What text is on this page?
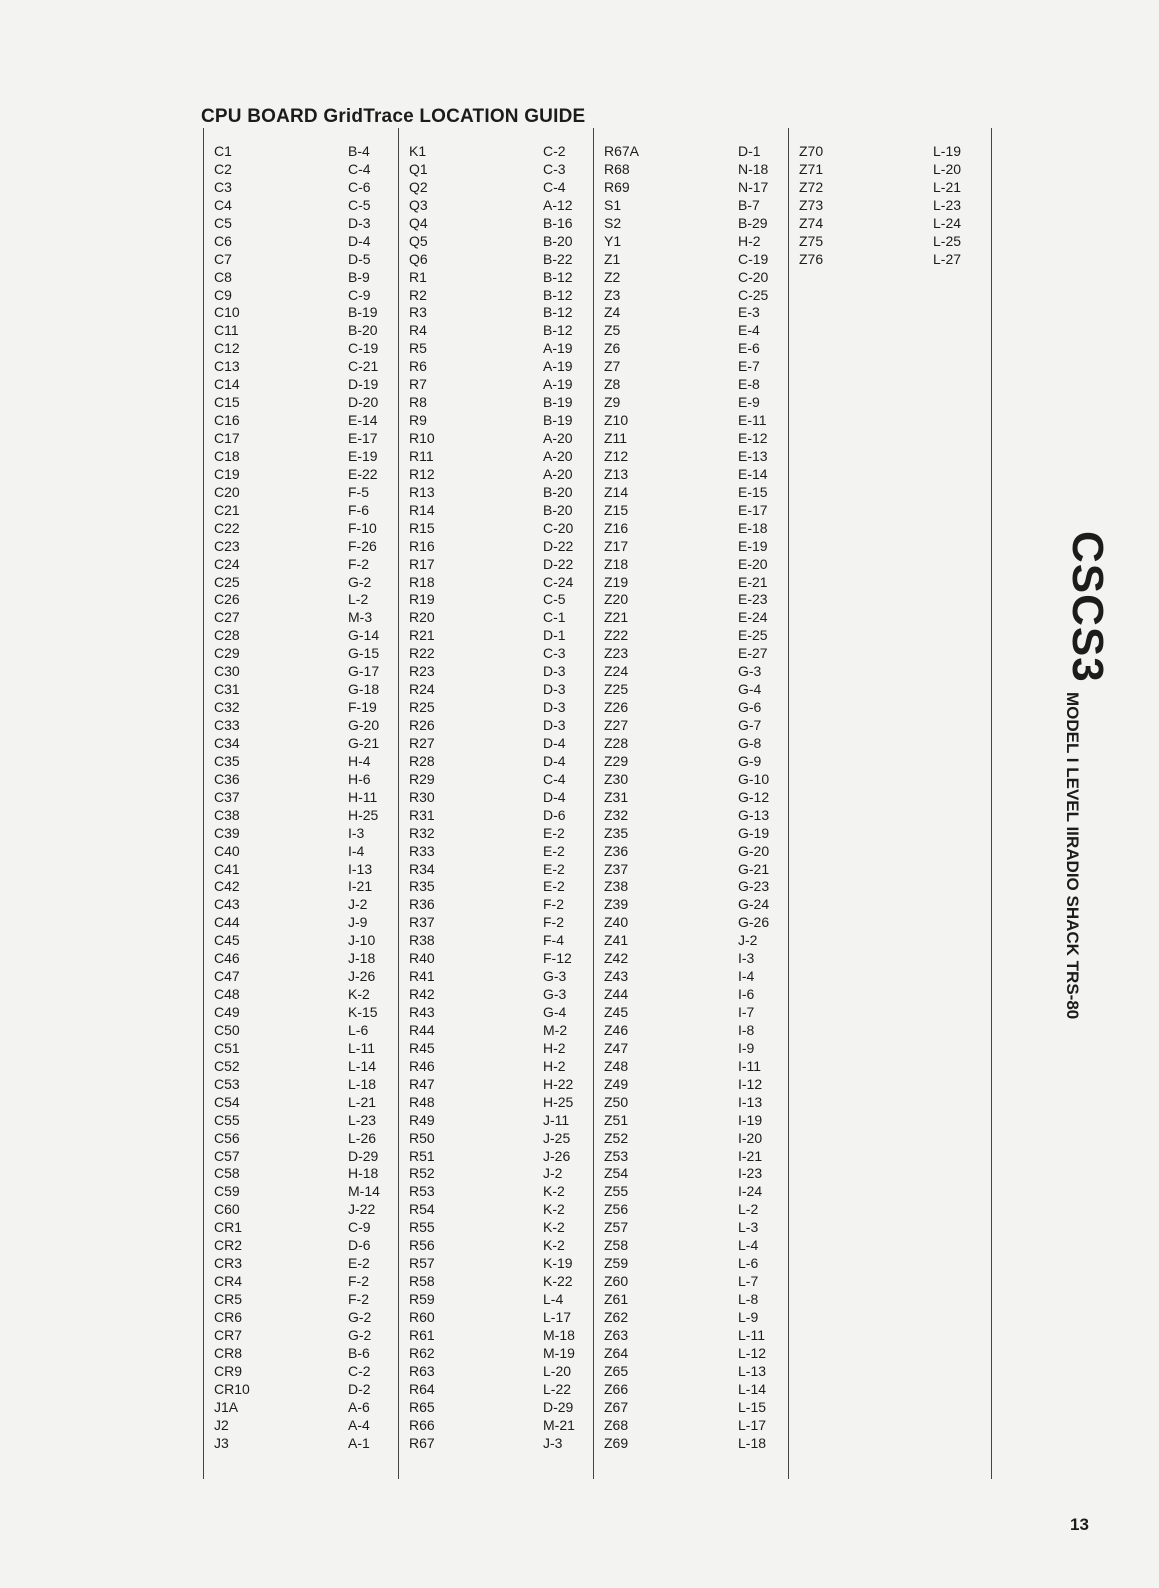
CPU BOARD GridTrace LOCATION GUIDE
C1	B-4
C2	C-4
C3	C-6
C4	C-5
C5	D-3
C6	D-4
C7	D-5
C8	B-9
C9	C-9
C10	B-19
C11	B-20
C12	C-19
C13	C-21
C14	D-19
C15	D-20
C16	E-14
C17	E-17
C18	E-19
C19	E-22
C20	F-5
C21	F-6
C22	F-10
C23	F-26
C24	F-2
C25	G-2
C26	L-2
C27	M-3
C28	G-14
C29	G-15
C30	G-17
C31	G-18
C32	F-19
C33	G-20
C34	G-21
C35	H-4
C36	H-6
C37	H-11
C38	H-25
C39	I-3
C40	I-4
C41	I-13
C42	I-21
C43	J-2
C44	J-9
C45	J-10
C46	J-18
C47	J-26
C48	K-2
C49	K-15
C50	L-6
C51	L-11
C52	L-14
C53	L-18
C54	L-21
C55	L-23
C56	L-26
C57	D-29
C58	H-18
C59	M-14
C60	J-22
CR1	C-9
CR2	D-6
CR3	E-2
CR4	F-2
CR5	F-2
CR6	G-2
CR7	G-2
CR8	B-6
CR9	C-2
CR10	D-2
J1A	A-6
J2	A-4
J3	A-1
K1	C-2
Q1	C-3
Q2	C-4
Q3	A-12
Q4	B-16
Q5	B-20
Q6	B-22
R1	B-12
R2	B-12
R3	B-12
R4	B-12
R5	A-19
R6	A-19
R7	A-19
R8	B-19
R9	B-19
R10	A-20
R11	A-20
R12	A-20
R13	B-20
R14	B-20
R15	C-20
R16	D-22
R17	D-22
R18	C-24
R19	C-5
R20	C-1
R21	D-1
R22	C-3
R23	D-3
R24	D-3
R25	D-3
R26	D-3
R27	D-4
R28	D-4
R29	C-4
R30	D-4
R31	D-6
R32	E-2
R33	E-2
R34	E-2
R35	E-2
R36	F-2
R37	F-2
R38	F-4
R40	F-12
R41	G-3
R42	G-3
R43	G-4
R44	M-2
R45	H-2
R46	H-2
R47	H-22
R48	H-25
R49	J-11
R50	J-25
R51	J-26
R52	J-2
R53	K-2
R54	K-2
R55	K-2
R56	K-2
R57	K-19
R58	K-22
R59	L-4
R60	L-17
R61	M-18
R62	M-19
R63	L-20
R64	L-22
R65	D-29
R66	M-21
R67	J-3
R67A	D-1
R68	N-18
R69	N-17
S1	B-7
S2	B-29
Y1	H-2
Z1	C-19
Z2	C-20
Z3	C-25
Z4	E-3
Z5	E-4
Z6	E-6
Z7	E-7
Z8	E-8
Z9	E-9
Z10	E-11
Z11	E-12
Z12	E-13
Z13	E-14
Z14	E-15
Z15	E-17
Z16	E-18
Z17	E-19
Z18	E-20
Z19	E-21
Z20	E-23
Z21	E-24
Z22	E-25
Z23	E-27
Z24	G-3
Z25	G-4
Z26	G-6
Z27	G-7
Z28	G-8
Z29	G-9
Z30	G-10
Z31	G-12
Z32	G-13
Z35	G-19
Z36	G-20
Z37	G-21
Z38	G-23
Z39	G-24
Z40	G-26
Z41	J-2
Z42	I-3
Z43	I-4
Z44	I-6
Z45	I-7
Z46	I-8
Z47	I-9
Z48	I-11
Z49	I-12
Z50	I-13
Z51	I-19
Z52	I-20
Z53	I-21
Z54	I-23
Z55	I-24
Z56	L-2
Z57	L-3
Z58	L-4
Z59	L-6
Z60	L-7
Z61	L-8
Z62	L-9
Z63	L-11
Z64	L-12
Z65	L-13
Z66	L-14
Z67	L-15
Z68	L-17
Z69	L-18
Z70	L-19
Z71	L-20
Z72	L-21
Z73	L-23
Z74	L-24
Z75	L-25
Z76	L-27
CSCS3
RADIO SHACK TRS-80
MODEL I LEVEL II
13
